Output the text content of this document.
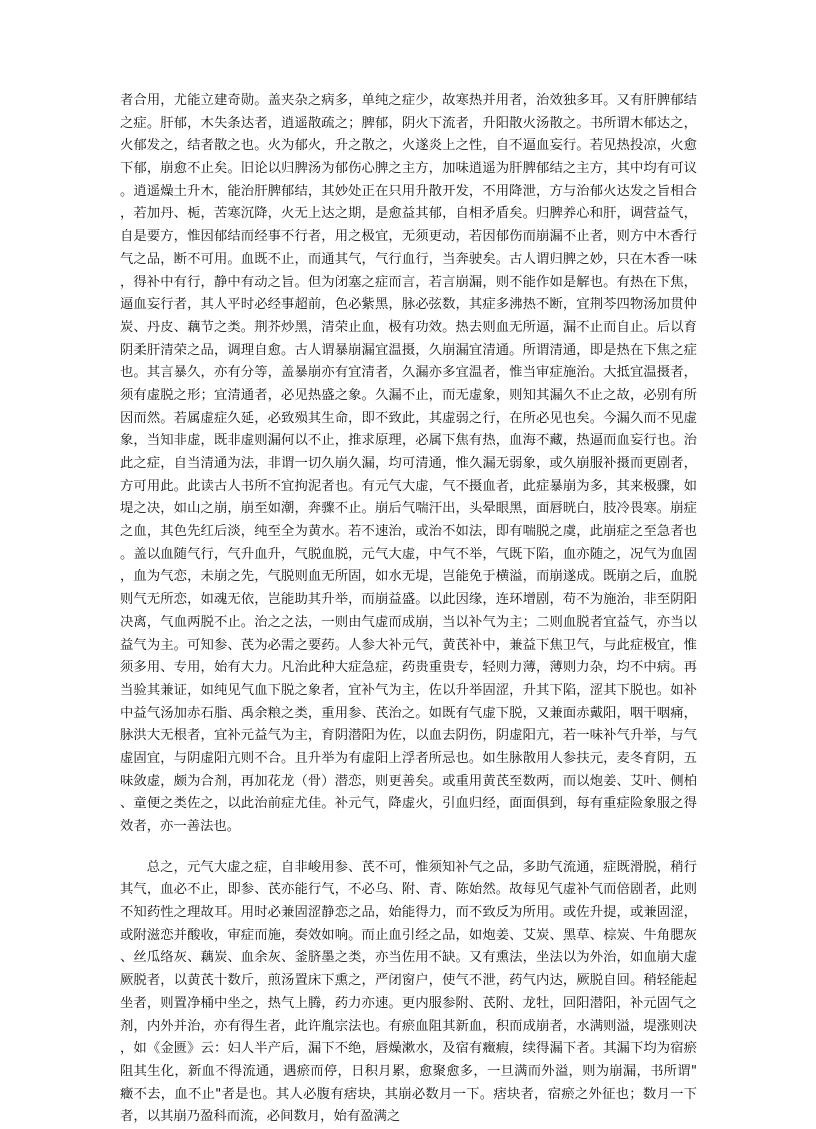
者合用，尤能立建奇勋。盖夹杂之病多，单纯之症少，故寒热并用者，治效独多耳。又有肝脾郁结之症。肝郁，木失条达者，逍遥散疏之；脾郁，阴火下流者，升阳散火汤散之。书所谓木郁达之，火郁发之，结者散之也。火为郁火，升之散之，火遂炎上之性，自不逼血妄行。若见热投凉，火愈下郁，崩愈不止矣。旧论以归脾汤为郁伤心脾之主方，加味逍遥为肝脾郁结之主方，其中均有可议。逍遥燥土升木，能治肝脾郁结，其妙处正在只用升散开发，不用降泄，方与治郁火达发之旨相合，若加丹、栀，苦寒沉降，火无上达之期，是愈益其郁，自相矛盾矣。归脾养心和肝，调营益气，自是要方，惟因郁结而经事不行者，用之极宜，无须更动，若因郁伤而崩漏不止者，则方中木香行气之品，断不可用。血既不止，而通其气，气行血行，当奔驶矣。古人谓归脾之妙，只在木香一味，得补中有行，静中有动之旨。但为闭塞之症而言，若言崩漏，则不能作如是解也。有热在下焦，逼血妄行者，其人平时必经事超前，色必紫黑，脉必弦数，其症多沸热不断，宜荆芩四物汤加贯仲炭、丹皮、藕节之类。荆芥炒黑，清荣止血，极有功效。热去则血无所逼，漏不止而自止。后以育阴柔肝清荣之品，调理自愈。古人谓暴崩漏宜温摄，久崩漏宜清通。所谓清通，即是热在下焦之症也。其言暴久，亦有分等，盖暴崩亦有宜清者，久漏亦多宜温者，惟当审症施治。大抵宜温摄者，须有虚脱之形；宜清通者，必见热盛之象。久漏不止，而无虚象，则知其漏久不止之故，必别有所因而然。若属虚症久延，必致殒其生命，即不致此，其虚弱之行，在所必见也矣。今漏久而不见虚象，当知非虚，既非虚则漏何以不止，推求原理，必属下焦有热，血海不藏，热逼而血妄行也。治此之症，自当清通为法，非谓一切久崩久漏，均可清通，惟久漏无弱象，或久崩服补摄而更剧者，方可用此。此读古人书所不宜拘泥者也。有元气大虚，气不摄血者，此症暴崩为多，其来极骤，如堤之决，如山之崩，崩至如潮，奔骤不止。崩后气喘汗出，头晕眼黑，面唇晄白，肢冷畏寒。崩症之血，其色先红后淡，纯至全为黄水。若不速治，或治不如法，即有喘脱之虞，此崩症之至急者也。盖以血随气行，气升血升，气脱血脱，元气大虚，中气不举，气既下陷，血亦随之，况气为血固，血为气恋，未崩之先，气脱则血无所固，如水无堤，岂能免于横溢，而崩遂成。既崩之后，血脱则气无所恋，如魂无依，岂能助其升举，而崩益盛。以此因缘，连环增剧，苟不为施治，非至阴阳决离，气血两脱不止。治之之法，一则由气虚而成崩，当以补气为主；二则血脱者宜益气，亦当以益气为主。可知参、芪为必需之要药。人参大补元气，黄芪补中，兼益下焦卫气，与此症极宜，惟须多用、专用，始有大力。凡治此种大症急症，药贵重贵专，轻则力薄，薄则力杂，均不中病。再当验其兼证，如纯见气血下脱之象者，宜补气为主，佐以升举固涩，升其下陷，涩其下脱也。如补中益气汤加赤石脂、禹余粮之类，重用参、芪治之。如既有气虚下脱，又兼面赤戴阳，咽干咽痛，脉洪大无根者，宜补元益气为主，育阴潜阳为佐，以血去阴伤，阴虚阳亢，若一味补气升举，与气虚固宜，与阴虚阳亢则不合。且升举为有虚阳上浮者所忌也。如生脉散用人参扶元，麦冬育阴，五味敛虚，颇为合剂，再加花龙（骨）潜恋，则更善矣。或重用黄芪至数两，而以炮姜、艾叶、侧柏、童便之类佐之，以此治前症尤佳。补元气，降虚火，引血归经，面面俱到，每有重症险象服之得效者，亦一善法也。

总之，元气大虚之症，自非峻用参、芪不可，惟须知补气之品，多助气流通，症既滑脱，稍行其气，血必不止，即参、芪亦能行气，不必乌、附、青、陈始然。故每见气虚补气而倍剧者，此则不知药性之理故耳。用时必兼固涩静恋之品，始能得力，而不致反为所用。或佐升提，或兼固涩，或附滋恋并酸收，审症而施，奏效如响。而止血引经之品，如炮姜、艾炭、黑草、棕炭、牛角腮灰、丝瓜络灰、藕炭、血余灰、釜脐墨之类，亦当佐用不缺。又有熏法，坐法以为外治，如血崩大虚厥脱者，以黄芪十数斤，煎汤置床下熏之，严闭窗户，使气不泄，药气内达，厥脱自回。稍轻能起坐者，则置净桶中坐之，热气上腾，药力亦速。更内服参附、芪附、龙牡，回阳潜阳，补元固气之剂，内外并治，亦有得生者，此许胤宗法也。有瘀血阻其新血，积而成崩者，水满则溢，堤涨则决，如《金匮》云：妇人半产后，漏下不绝，唇燥漱水，及宿有癥瘕，续得漏下者。其漏下均为宿瘀阻其生化，新血不得流通，遇瘀而停，日积月累，愈聚愈多，一旦满而外溢，则为崩漏，书所谓"癥不去，血不止"者是也。其人必腹有痞块，其崩必数月一下。痞块者，宿瘀之外征也；数月一下者，以其崩乃盈科而流，必间数月，始有盈满之
